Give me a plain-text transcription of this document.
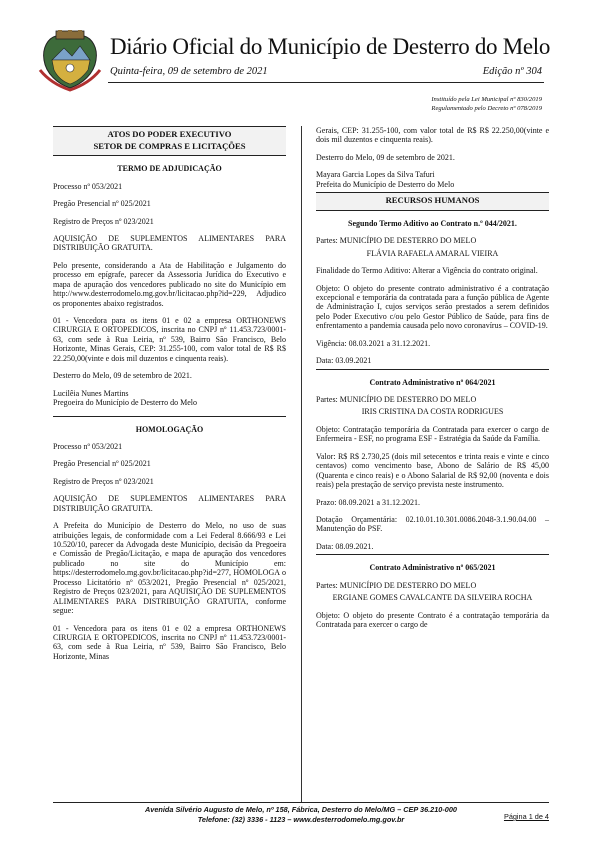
Diário Oficial do Município de Desterro do Melo
Quinta-feira, 09 de setembro de 2021	Edição nº 304
Instituído pela Lei Municipal nº 830/2019
Regulamentado pelo Decreto nº 078/2019
ATOS DO PODER EXECUTIVO
SETOR DE COMPRAS E LICITAÇÕES
TERMO DE ADJUDICAÇÃO
Processo nº 053/2021
Pregão Presencial nº 025/2021
Registro de Preços nº 023/2021
AQUISIÇÃO DE SUPLEMENTOS ALIMENTARES PARA DISTRIBUIÇÃO GRATUITA.
Pelo presente, considerando a Ata de Habilitação e Julgamento do processo em epígrafe, parecer da Assessoria Jurídica do Executivo e mapa de apuração dos vencedores publicado no site do Município em http://www.desterrodomelo.mg.gov.br/licitacao.php?id=229, Adjudico os proponentes abaixo registrados.
01 - Vencedora para os itens 01 e 02 a empresa ORTHONEWS CIRURGIA E ORTOPEDICOS, inscrita no CNPJ nº 11.453.723/0001-63, com sede à Rua Leiria, nº 539, Bairro São Francisco, Belo Horizonte, Minas Gerais, CEP: 31.255-100, com valor total de R$ R$ 22.250,00(vinte e dois mil duzentos e cinquenta reais).
Desterro do Melo, 09 de setembro de 2021.
Lucilêia Nunes Martins
Pregoeira do Município de Desterro do Melo
HOMOLOGAÇÃO
Processo nº 053/2021
Pregão Presencial nº 025/2021
Registro de Preços nº 023/2021
AQUISIÇÃO DE SUPLEMENTOS ALIMENTARES PARA DISTRIBUIÇÃO GRATUITA.
A Prefeita do Município de Desterro do Melo, no uso de suas atribuições legais, de conformidade com a Lei Federal 8.666/93 e Lei 10.520/10, parecer da Advogada deste Município, decisão da Pregoeira e Comissão de Pregão/Licitação, e mapa de apuração dos vencedores publicado no site do Município em: https://desterrodomelo.mg.gov.br/licitacao.php?id=277, HOMOLOGA o Processo Licitatório nº 053/2021, Pregão Presencial nº 025/2021, Registro de Preços 023/2021, para AQUISIÇÃO DE SUPLEMENTOS ALIMENTARES PARA DISTRIBUIÇÃO GRATUITA, conforme segue:
01 - Vencedora para os itens 01 e 02 a empresa ORTHONEWS CIRURGIA E ORTOPEDICOS, inscrita no CNPJ nº 11.453.723/0001-63, com sede à Rua Leiria, nº 539, Bairro São Francisco, Belo Horizonte, Minas
Gerais, CEP: 31.255-100, com valor total de R$ R$ 22.250,00(vinte e dois mil duzentos e cinquenta reais).
Desterro do Melo, 09 de setembro de 2021.
Mayara Garcia Lopes da Silva Tafuri
Prefeita do Município de Desterro do Melo
RECURSOS HUMANOS
Segundo Termo Aditivo ao Contrato n.º 044/2021.
Partes: MUNICÍPIO DE DESTERRO DO MELO
FLÁVIA RAFAELA AMARAL VIEIRA
Finalidade do Termo Aditivo: Alterar a Vigência do contrato original.
Objeto: O objeto do presente contrato administrativo é a contratação excepcional e temporária da contratada para a função pública de Agente de Administração I, cujos serviços serão prestados a serem definidos pelo Poder Executivo c/ou pelo Gestor Público de Saúde, para fins de enfrentamento a pandemia causada pelo novo coronavírus – COVID-19.
Vigência: 08.03.2021 a 31.12.2021.
Data: 03.09.2021
Contrato Administrativo nº 064/2021
Partes: MUNICÍPIO DE DESTERRO DO MELO
IRIS CRISTINA DA COSTA RODRIGUES
Objeto: Contratação temporária da Contratada para exercer o cargo de Enfermeira - ESF, no programa ESF - Estratégia da Saúde da Família.
Valor: R$ R$ 2.730,25 (dois mil setecentos e trinta reais e vinte e cinco centavos) como vencimento base, Abono de Salário de R$ 45,00 (Quarenta e cinco reais) e o Abono Salarial de R$ 92,00 (noventa e dois reais) pela prestação de serviço prevista neste instrumento.
Prazo: 08.09.2021 a 31.12.2021.
Dotação Orçamentária: 02.10.01.10.301.0086.2048-3.1.90.04.00 – Manutenção do PSF.
Data: 08.09.2021.
Contrato Administrativo nº 065/2021
Partes: MUNICÍPIO DE DESTERRO DO MELO
ERGIANE GOMES CAVALCANTE DA SILVEIRA ROCHA
Objeto: O objeto do presente Contrato é a contratação temporária da Contratada para exercer o cargo de
Avenida Silvério Augusto de Melo, nº 158, Fábrica, Desterro do Melo/MG – CEP 36.210-000
Telefone: (32) 3336 - 1123 – www.desterrodomelo.mg.gov.br	Página 1 de 4
